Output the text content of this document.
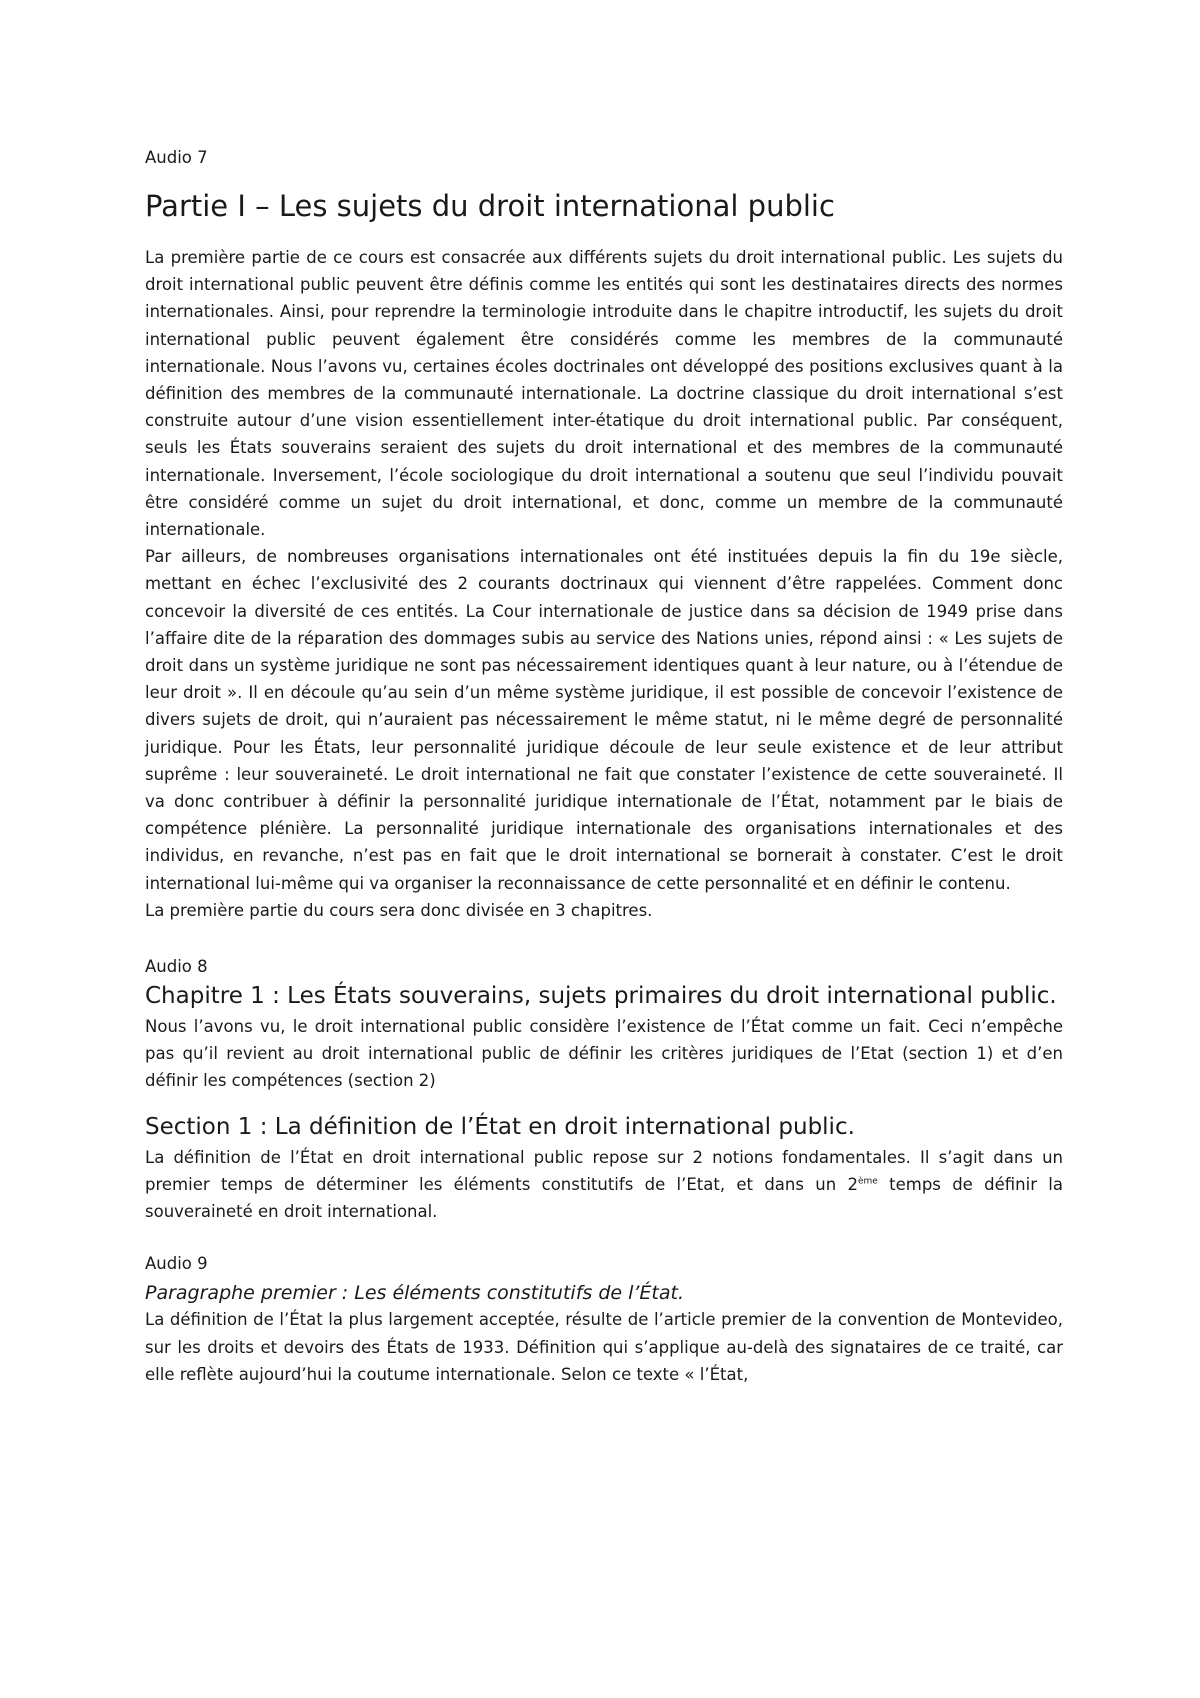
Audio 7

Partie I – Les sujets du droit international public

La première partie de ce cours est consacrée aux différents sujets du droit international public. Les sujets du droit international public peuvent être définis comme les entités qui sont les destinataires directs des normes internationales. Ainsi, pour reprendre la terminologie introduite dans le chapitre introductif, les sujets du droit international public peuvent également être considérés comme les membres de la communauté internationale. Nous l’avons vu, certaines écoles doctrinales ont développé des positions exclusives quant à la définition des membres de la communauté internationale. La doctrine classique du droit international s’est construite autour d’une vision essentiellement inter-étatique du droit international public. Par conséquent, seuls les États souverains seraient des sujets du droit international et des membres de la communauté internationale. Inversement, l’école sociologique du droit international a soutenu que seul l’individu pouvait être considéré comme un sujet du droit international, et donc, comme un membre de la communauté internationale.

Par ailleurs, de nombreuses organisations internationales ont été instituées depuis la fin du 19e siècle, mettant en échec l’exclusivité des 2 courants doctrinaux qui viennent d’être rappelées. Comment donc concevoir la diversité de ces entités. La Cour internationale de justice dans sa décision de 1949 prise dans l’affaire dite de la réparation des dommages subis au service des Nations unies, répond ainsi : « Les sujets de droit dans un système juridique ne sont pas nécessairement identiques quant à leur nature, ou à l’étendue de leur droit ». Il en découle qu’au sein d’un même système juridique, il est possible de concevoir l’existence de divers sujets de droit, qui n’auraient pas nécessairement le même statut, ni le même degré de personnalité juridique. Pour les États, leur personnalité juridique découle de leur seule existence et de leur attribut suprême : leur souveraineté. Le droit international ne fait que constater l’existence de cette souveraineté. Il va donc contribuer à définir la personnalité juridique internationale de l’État, notamment par le biais de compétence plénière. La personnalité juridique internationale des organisations internationales et des individus, en revanche, n’est pas en fait que le droit international se bornerait à constater. C’est le droit international lui-même qui va organiser la reconnaissance de cette personnalité et en définir le contenu.

La première partie du cours sera donc divisée en 3 chapitres.

Audio 8

Chapitre 1 : Les États souverains, sujets primaires du droit international public.

Nous l’avons vu, le droit international public considère l’existence de l’État comme un fait. Ceci n’empêche pas qu’il revient au droit international public de définir les critères juridiques de l’Etat (section 1) et d’en définir les compétences (section 2)

Section 1 : La définition de l’État en droit international public.

La définition de l’État en droit international public repose sur 2 notions fondamentales. Il s’agit dans un premier temps de déterminer les éléments constitutifs de l’Etat, et dans un 2ème temps de définir la souveraineté en droit international.

Audio 9

Paragraphe premier : Les éléments constitutifs de l’État.

La définition de l’État la plus largement acceptée, résulte de l’article premier de la convention de Montevideo, sur les droits et devoirs des États de 1933. Définition qui s’applique au-delà des signataires de ce traité, car elle reflète aujourd’hui la coutume internationale. Selon ce texte « l’État,
